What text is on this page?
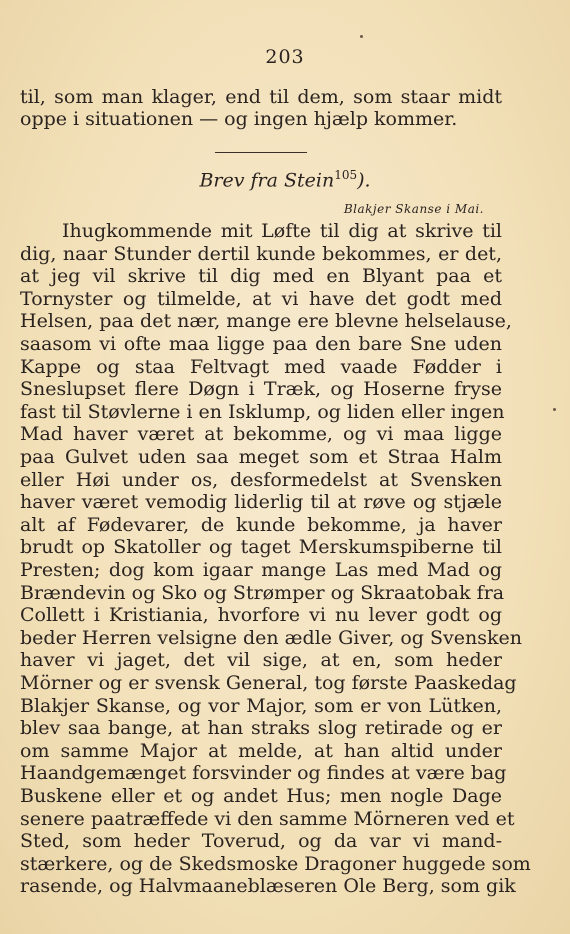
203
til, som man klager, end til dem, som staar midt
oppe i situationen — og ingen hjælp kommer.
Brev fra Stein$^{105}$).
Blakjer Skanse i Mai.
Ihugkommende mit Løfte til dig at skrive til
dig, naar Stunder dertil kunde bekommes, er det,
at jeg vil skrive til dig med en Blyant paa et
Tornyster og tilmelde, at vi have det godt med
Helsen, paa det nær, mange ere blevne helselause,
saasom vi ofte maa ligge paa den bare Sne uden
Kappe og staa Feltvagt med vaade Fødder i
Sneslupset flere Døgn i Træk, og Hoserne fryse
fast til Støvlerne i en Isklump, og liden eller ingen
Mad haver været at bekomme, og vi maa ligge
paa Gulvet uden saa meget som et Straa Halm
eller Høi under os, desformedelst at Svensken
haver været vemodig liderlig til at røve og stjæle
alt af Fødevarer, de kunde bekomme, ja haver
brudt op Skatoller og taget Merskumspiberne til
Presten; dog kom igaar mange Las med Mad og
Brændevin og Sko og Strømper og Skraatobak fra
Collett i Kristiania, hvorfore vi nu lever godt og
beder Herren velsigne den ædle Giver, og Svensken
haver vi jaget, det vil sige, at en, som heder
Mörner og er svensk General, tog første Paaskedag
Blakjer Skanse, og vor Major, som er von Lütken,
blev saa bange, at han straks slog retirade og er
om samme Major at melde, at han altid under
Haandgemænget forsvinder og findes at være bag
Buskene eller et og andet Hus; men nogle Dage
senere paatræffede vi den samme Mörneren ved et
Sted, som heder Toverud, og da var vi mand-
stærkere, og de Skedsmoske Dragoner huggede som
rasende, og Halvmaaneblæseren Ole Berg, som gik
